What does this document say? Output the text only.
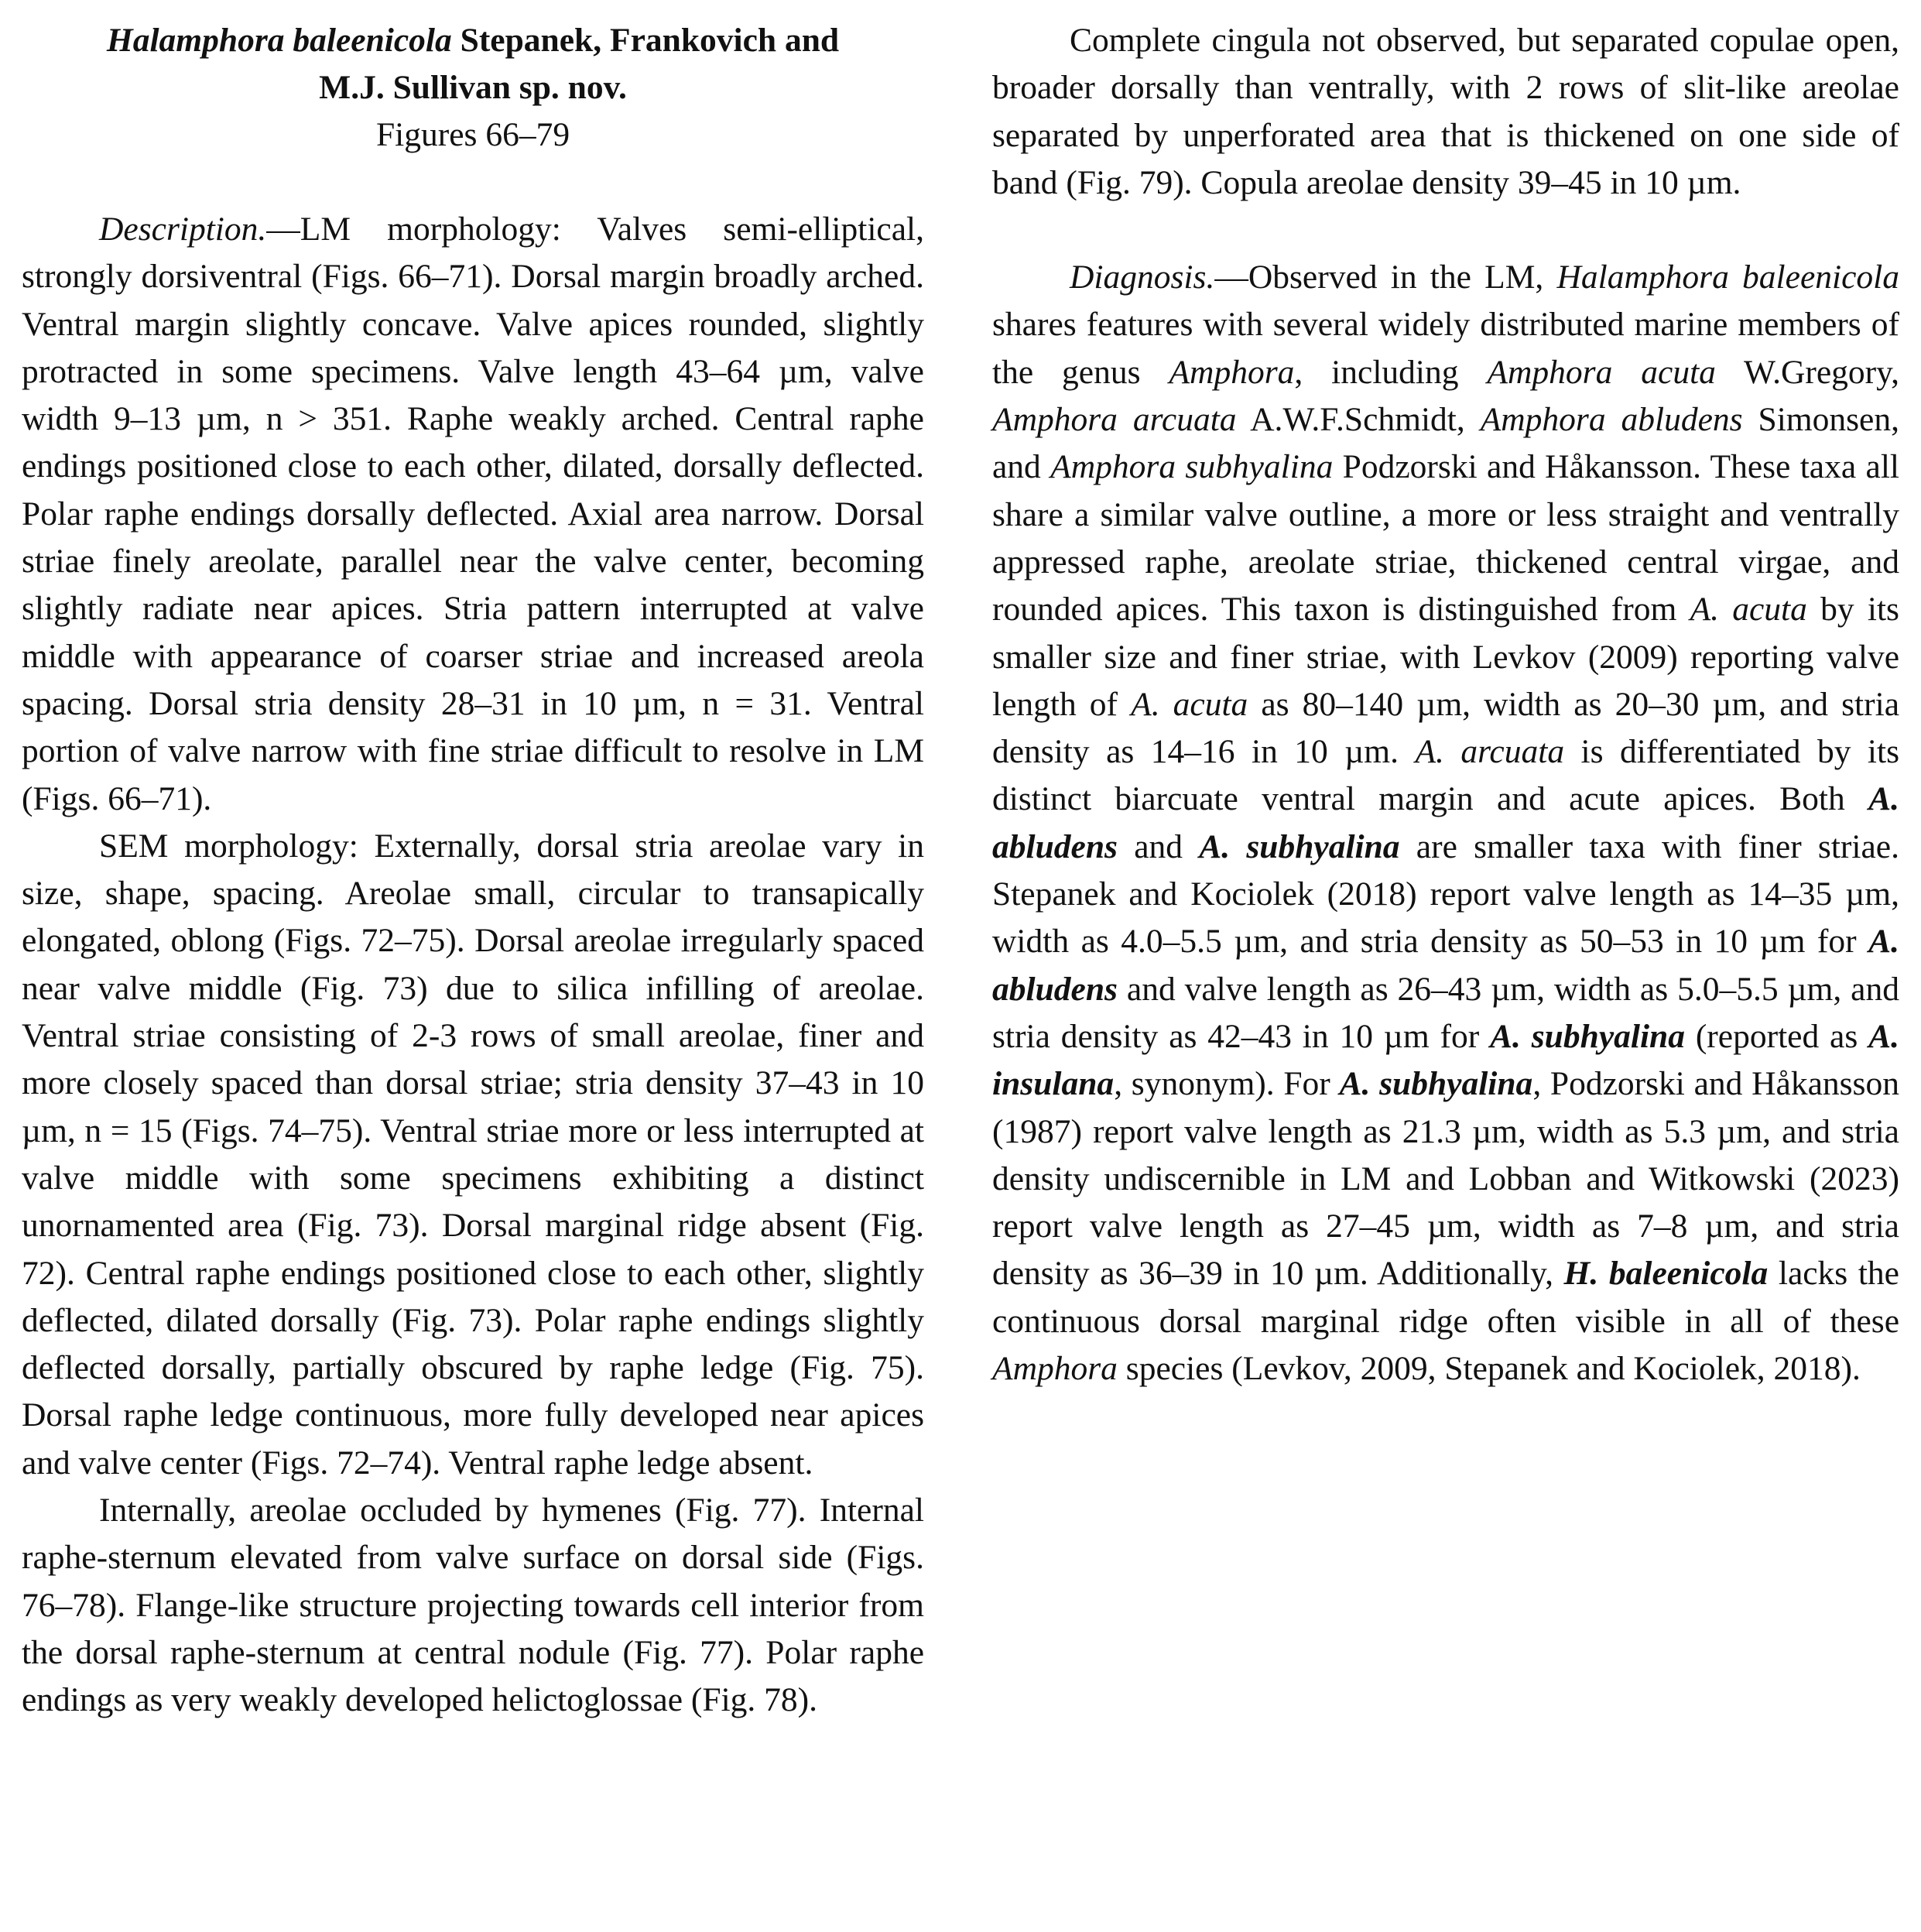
Halamphora baleenicola Stepanek, Frankovich and
M.J. Sullivan sp. nov.
Figures 66–79

Description.—LM morphology: Valves semi-elliptical, strongly dorsiventral (Figs. 66–71). Dorsal margin broadly arched. Ventral margin slightly concave. Valve apices rounded, slightly protracted in some specimens. Valve length 43–64 µm, valve width 9–13 µm, n > 351. Raphe weakly arched. Central raphe endings positioned close to each other, dilated, dorsally deflected. Polar raphe endings dorsally deflected. Axial area narrow. Dorsal striae finely areolate, parallel near the valve center, becoming slightly radiate near apices. Stria pattern interrupted at valve middle with appearance of coarser striae and increased areola spacing. Dorsal stria density 28–31 in 10 µm, n = 31. Ventral portion of valve narrow with fine striae difficult to resolve in LM (Figs. 66–71).

SEM morphology: Externally, dorsal stria areolae vary in size, shape, spacing. Areolae small, circular to transapically elongated, oblong (Figs. 72–75). Dorsal areolae irregularly spaced near valve middle (Fig. 73) due to silica infilling of areolae. Ventral striae consisting of 2-3 rows of small areolae, finer and more closely spaced than dorsal striae; stria density 37–43 in 10 µm, n = 15 (Figs. 74–75). Ventral striae more or less interrupted at valve middle with some specimens exhibiting a distinct unornamented area (Fig. 73). Dorsal marginal ridge absent (Fig. 72). Central raphe endings positioned close to each other, slightly deflected, dilated dorsally (Fig. 73). Polar raphe endings slightly deflected dorsally, partially obscured by raphe ledge (Fig. 75). Dorsal raphe ledge continuous, more fully developed near apices and valve center (Figs. 72–74). Ventral raphe ledge absent.

Internally, areolae occluded by hymenes (Fig. 77). Internal raphe-sternum elevated from valve surface on dorsal side (Figs. 76–78). Flange-like structure projecting towards cell interior from the dorsal raphe-sternum at central nodule (Fig. 77). Polar raphe endings as very weakly developed helictoglossae (Fig. 78).

Complete cingula not observed, but separated copulae open, broader dorsally than ventrally, with 2 rows of slit-like areolae separated by unperforated area that is thickened on one side of band (Fig. 79). Copula areolae density 39–45 in 10 µm.

Diagnosis.—Observed in the LM, Halamphora baleenicola shares features with several widely distributed marine members of the genus Amphora, including Amphora acuta W.Gregory, Amphora arcuata A.W.F.Schmidt, Amphora abludens Simonsen, and Amphora subhyalina Podzorski and Håkansson. These taxa all share a similar valve outline, a more or less straight and ventrally appressed raphe, areolate striae, thickened central virgae, and rounded apices. This taxon is distinguished from A. acuta by its smaller size and finer striae, with Levkov (2009) reporting valve length of A. acuta as 80–140 µm, width as 20–30 µm, and stria density as 14–16 in 10 µm. A. arcuata is differentiated by its distinct biarcuate ventral margin and acute apices. Both A. abludens and A. subhyalina are smaller taxa with finer striae. Stepanek and Kociolek (2018) report valve length as 14–35 µm, width as 4.0–5.5 µm, and stria density as 50–53 in 10 µm for A. abludens and valve length as 26–43 µm, width as 5.0–5.5 µm, and stria density as 42–43 in 10 µm for A. subhyalina (reported as A. insulana, synonym). For A. subhyalina, Podzorski and Håkansson (1987) report valve length as 21.3 µm, width as 5.3 µm, and stria density undiscernible in LM and Lobban and Witkowski (2023) report valve length as 27–45 µm, width as 7–8 µm, and stria density as 36–39 in 10 µm. Additionally, H. baleenicola lacks the continuous dorsal marginal ridge often visible in all of these Amphora species (Levkov, 2009, Stepanek and Kociolek, 2018).
